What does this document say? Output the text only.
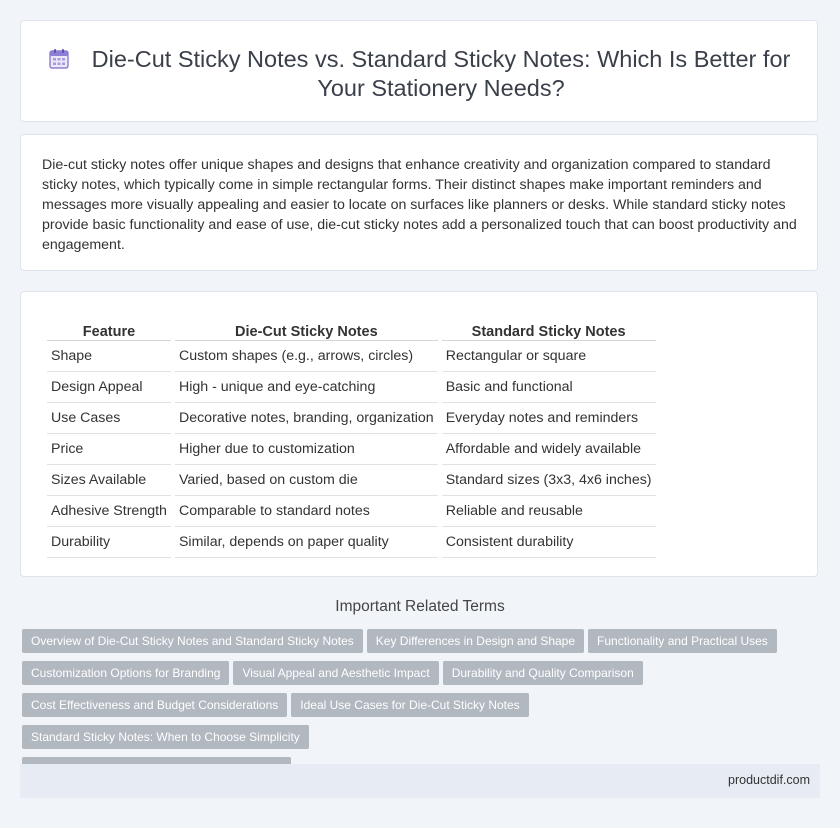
Die-Cut Sticky Notes vs. Standard Sticky Notes: Which Is Better for Your Stationery Needs?

Die-cut sticky notes offer unique shapes and designs that enhance creativity and organization compared to standard sticky notes, which typically come in simple rectangular forms. Their distinct shapes make important reminders and messages more visually appealing and easier to locate on surfaces like planners or desks. While standard sticky notes provide basic functionality and ease of use, die-cut sticky notes add a personalized touch that can boost productivity and engagement.

Feature	Die-Cut Sticky Notes	Standard Sticky Notes
Shape	Custom shapes (e.g., arrows, circles)	Rectangular or square
Design Appeal	High - unique and eye-catching	Basic and functional
Use Cases	Decorative notes, branding, organization	Everyday notes and reminders
Price	Higher due to customization	Affordable and widely available
Sizes Available	Varied, based on custom die	Standard sizes (3x3, 4x6 inches)
Adhesive Strength	Comparable to standard notes	Reliable and reusable
Durability	Similar, depends on paper quality	Consistent durability
Important Related Terms
Overview of Die-Cut Sticky Notes and Standard Sticky Notes Key Differences in Design and Shape Functionality and Practical Uses
Customization Options for Branding Visual Appeal and Aesthetic Impact Durability and Quality Comparison
Cost Effectiveness and Budget Considerations Ideal Use Cases for Die-Cut Sticky NotesStandard Sticky Notes: When to Choose Simplicity

productdif.com
